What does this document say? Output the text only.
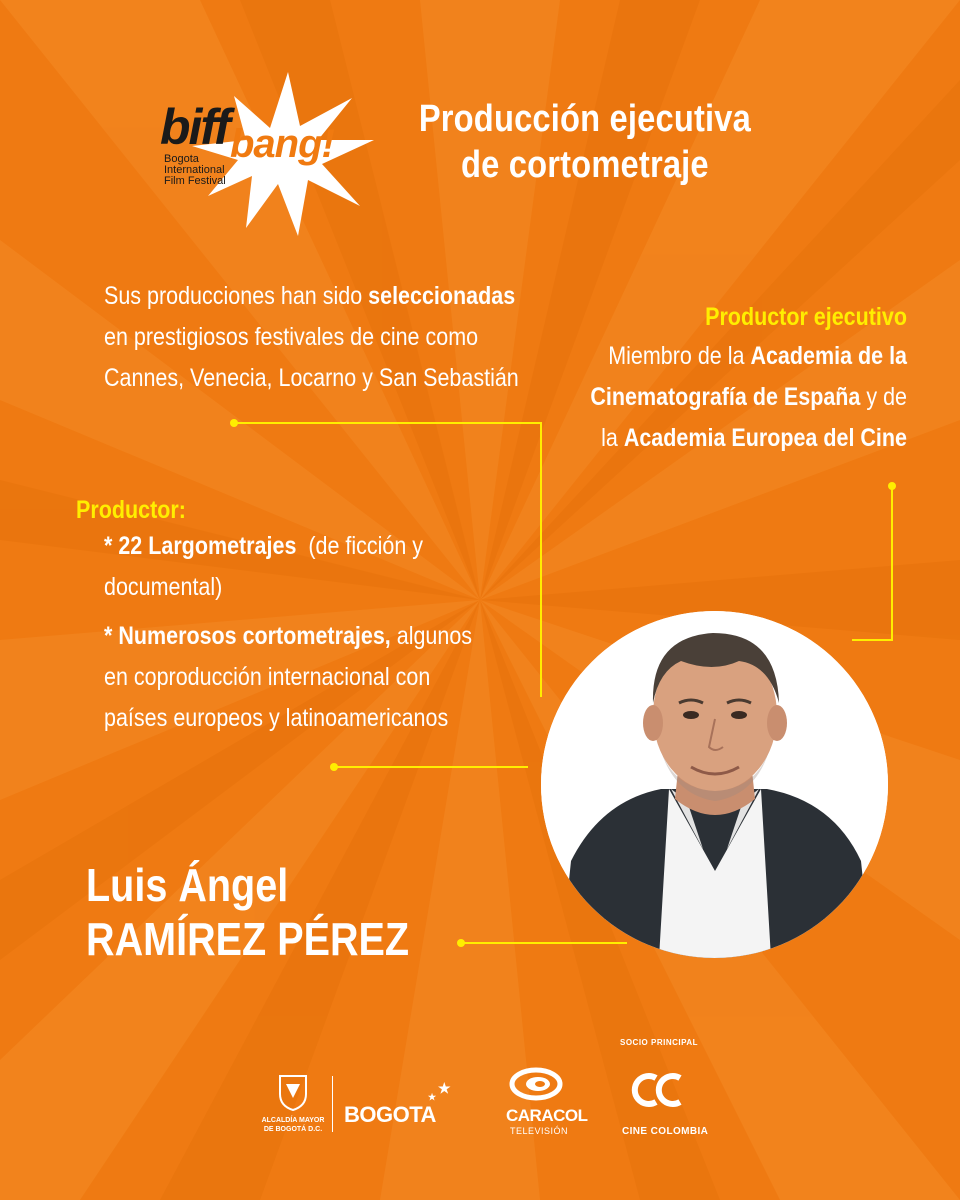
biff bang!
Bogota
International
Film Festival
Producción ejecutiva
de cortometraje
Sus producciones han sido seleccionadas
en prestigiosos festivales de cine como
Cannes, Venecia, Locarno y San Sebastián
Productor ejecutivo
Miembro de la Academia de la
Cinematografía de España y de
la Academia Europea del Cine
Productor:
* 22 Largometrajes  (de ficción y
documental)
* Numerosos cortometrajes, algunos
en coproducción internacional con
países europeos y latinoamericanos
Luis Ángel
RAMÍREZ PÉREZ
SOCIO PRINCIPAL
ALCALDÍA MAYOR
DE BOGOTÁ D.C.
BOGOTA
★
★
CARACOL
TELEVISIÓN	CINE COLOMBIA
